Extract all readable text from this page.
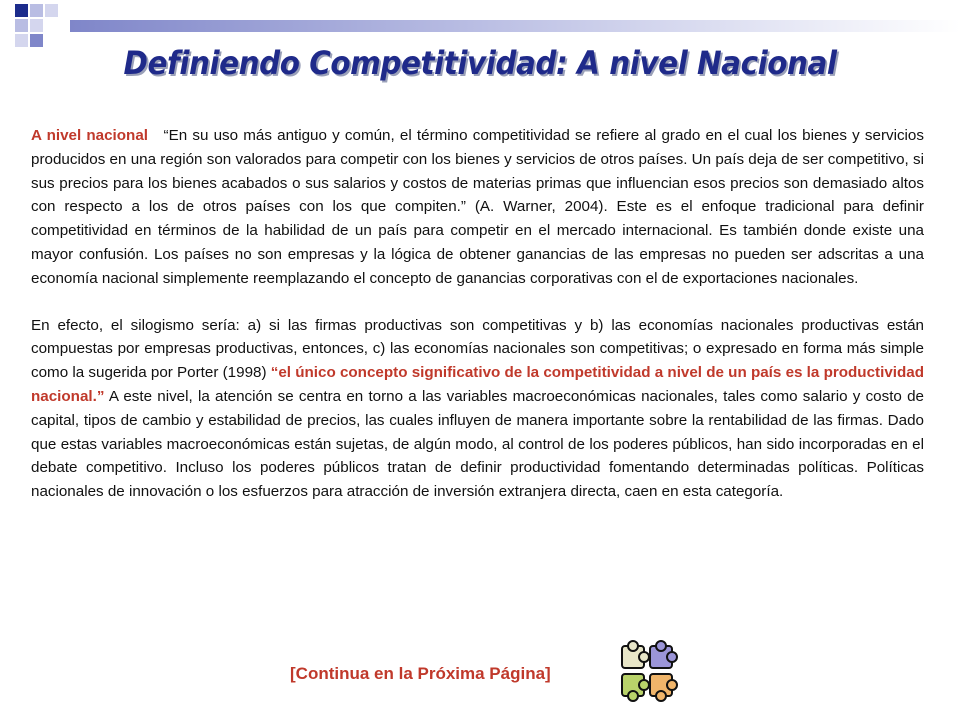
Definiendo Competitividad: A nivel Nacional

A nivel nacional “En su uso más antiguo y común, el término competitividad se refiere al grado en el cual los bienes y servicios producidos en una región son valorados para competir con los bienes y servicios de otros países. Un país deja de ser competitivo, si sus precios para los bienes acabados o sus salarios y costos de materias primas que influencian esos precios son demasiado altos con respecto a los de otros países con los que compiten.” (A. Warner, 2004). Este es el enfoque tradicional para definir competitividad en términos de la habilidad de un país para competir en el mercado internacional. Es también donde existe una mayor confusión. Los países no son empresas y la lógica de obtener ganancias de las empresas no pueden ser adscritas a una economía nacional simplemente reemplazando el concepto de ganancias corporativas con el de exportaciones nacionales.

En efecto, el silogismo sería: a) si las firmas productivas son competitivas y b) las economías nacionales productivas están compuestas por empresas productivas, entonces, c) las economías nacionales son competitivas; o expresado en forma más simple como la sugerida por Porter (1998) “el único concepto significativo de la competitividad a nivel de un país es la productividad nacional.” A este nivel, la atención se centra en torno a las variables macroeconómicas nacionales, tales como salario y costo de capital, tipos de cambio y estabilidad de precios, las cuales influyen de manera importante sobre la rentabilidad de las firmas. Dado que estas variables macroeconómicas están sujetas, de algún modo, al control de los poderes públicos, han sido incorporadas en el debate competitivo. Incluso los poderes públicos tratan de definir productividad fomentando determinadas políticas. Políticas nacionales de innovación o los esfuerzos para atracción de inversión extranjera directa, caen en esta categoría.

[Continua en la Próxima Página]
